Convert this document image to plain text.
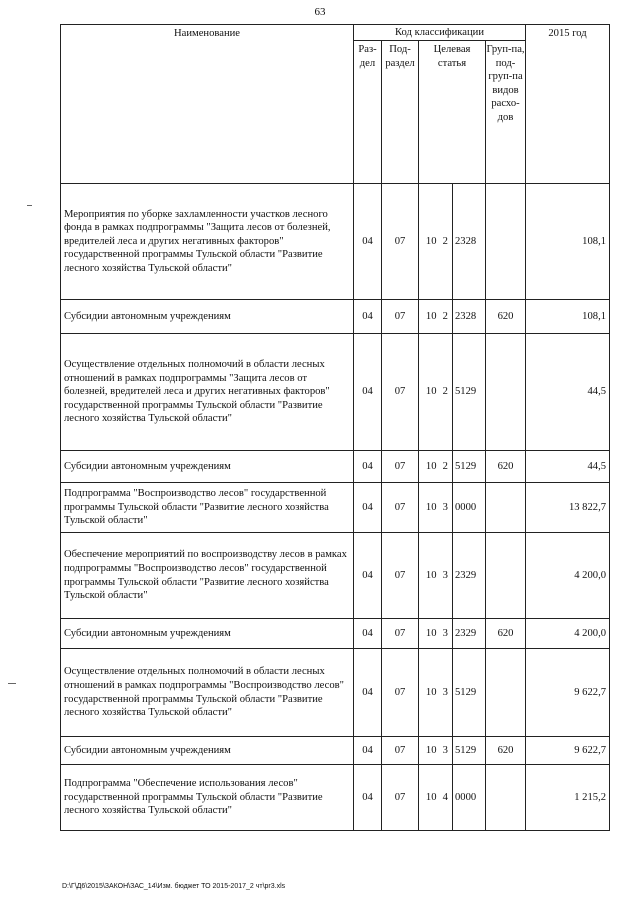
63
Наименование	Код классификации						2015 год
	Раз-дел	Под-раздел	Целевая статья			Груп-па, под-груп-па видов расхо-дов	
Мероприятия по уборке захламленности участков лесного фонда в рамках подпрограммы "Защита лесов от болезней, вредителей леса и других негативных факторов" государственной программы Тульской области "Развитие лесного хозяйства Тульской области"	04	07	10	2	2328		108,1
Субсидии автономным учреждениям	04	07	10	2	2328	620	108,1
Осуществление отдельных полномочий в области лесных отношений в рамках подпрограммы "Защита лесов от болезней, вредителей леса и других негативных факторов" государственной программы Тульской области "Развитие лесного хозяйства Тульской области"	04	07	10	2	5129		44,5
Субсидии автономным учреждениям	04	07	10	2	5129	620	44,5
Подпрограмма "Воспроизводство лесов" государственной программы Тульской области "Развитие лесного хозяйства Тульской области"	04	07	10	3	0000		13 822,7
Обеспечение мероприятий по воспроизводству лесов в рамках подпрограммы "Воспроизводство лесов" государственной программы Тульской области "Развитие лесного хозяйства Тульской области"	04	07	10	3	2329		4 200,0
Субсидии автономным учреждениям	04	07	10	3	2329	620	4 200,0
Осуществление отдельных полномочий в области лесных отношений в рамках подпрограммы "Воспроизводство лесов" государственной программы Тульской области "Развитие лесного хозяйства Тульской области"	04	07	10	3	5129		9 622,7
Субсидии автономным учреждениям	04	07	10	3	5129	620	9 622,7
Подпрограмма "Обеспечение использования лесов" государственной программы Тульской области "Развитие лесного хозяйства Тульской области"	04	07	10	4	0000		1 215,2
D:\Г\Д6\2015\ЗАКОН\ЗАС_14\Изм. бюджет ТО 2015-2017_2 чт\pr3.xls
